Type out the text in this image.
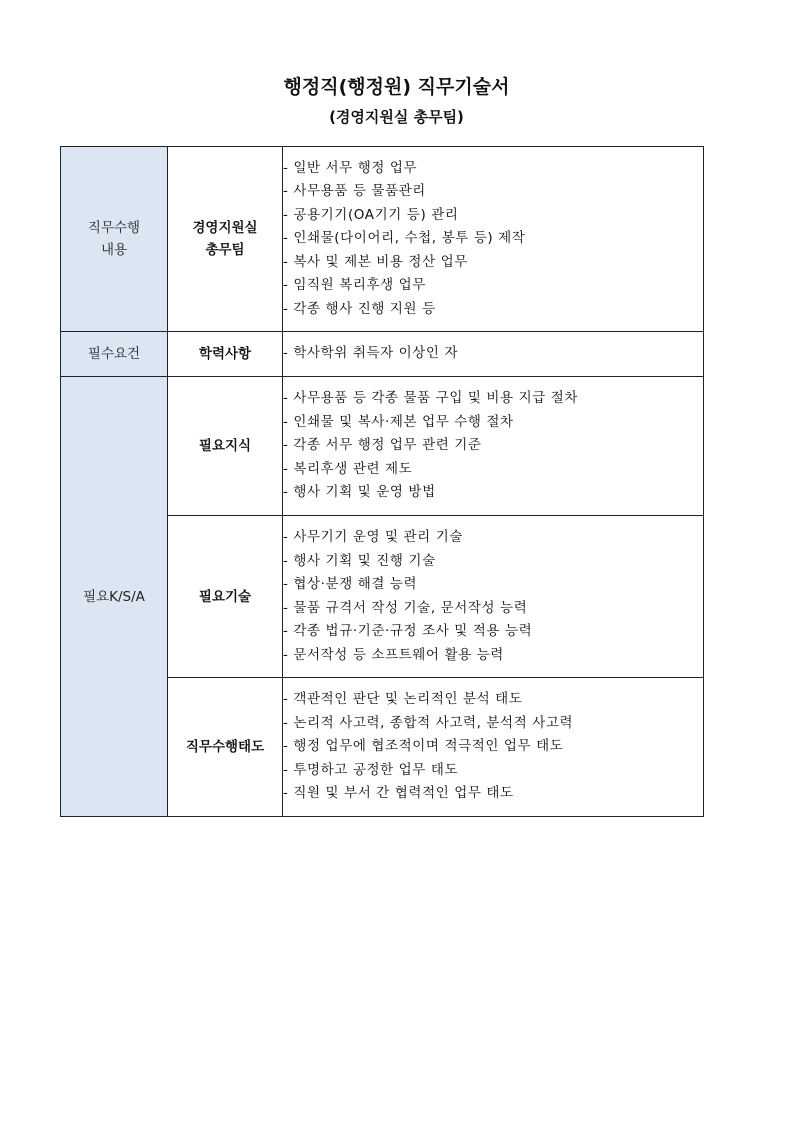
행정직(행정원) 직무기술서
(경영지원실 총무팀)
직무수행
내용

경영지원실
총무팀

- 일반 서무 행정 업무
- 사무용품 등 물품관리
- 공용기기(OA기기 등) 관리
- 인쇄물(다이어리, 수첩, 봉투 등) 제작
- 복사 및 제본 비용 정산 업무
- 임직원 복리후생 업무
- 각종 행사 진행 지원 등

필수요건	학력사항	
-학사학위 취득자 이상인 자

필요K/S/A	필요지식	
- 사무용품 등 각종 물품 구입 및 비용 지급 절차
- 인쇄물 및 복사·제본 업무 수행 절차
- 각종 서무 행정 업무 관련 기준
- 복리후생 관련 제도
- 행사 기획 및 운영 방법

필요기술	
- 사무기기 운영 및 관리 기술
- 행사 기획 및 진행 기술
- 협상·분쟁 해결 능력
- 물품 규격서 작성 기술, 문서작성 능력
- 각종 법규·기준·규정 조사 및 적용 능력
- 문서작성 등 소프트웨어 활용 능력

직무수행태도	
- 객관적인 판단 및 논리적인 분석 태도
- 논리적 사고력, 종합적 사고력, 분석적 사고력
- 행정 업무에 협조적이며 적극적인 업무 태도
- 투명하고 공정한 업무 태도
- 직원 및 부서 간 협력적인 업무 태도
